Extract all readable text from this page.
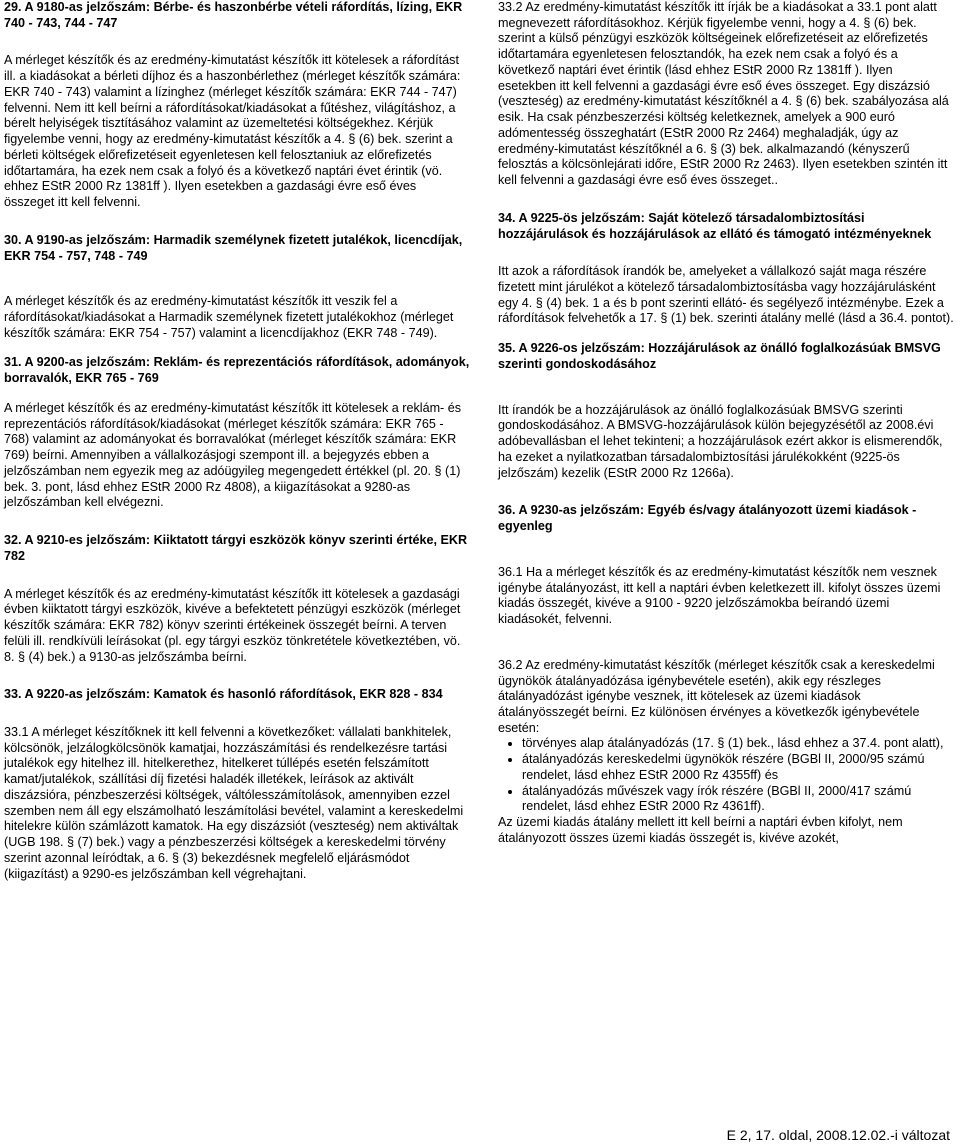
29. A 9180-as jelzőszám: Bérbe- és haszonbérbe vételi ráfordítás, lízing, EKR 740 - 743, 744 - 747

A mérleget készítők és az eredmény-kimutatást készítők itt kötelesek a ráfordítást ill. a kiadásokat a bérleti díjhoz és a haszonbérlethez (mérleget készítők számára: EKR 740 - 743) valamint a lízinghez (mérleget készítők számára: EKR 744 - 747) felvenni. Nem itt kell beírni a ráfordításokat/kiadásokat a fűtéshez, világításhoz, a bérelt helyiségek tisztításához valamint az üzemeltetési költségekhez. Kérjük figyelembe venni, hogy az eredmény-kimutatást készítők a 4. § (6) bek. szerint a bérleti költségek előrefizetéseit egyenletesen kell felosztaniuk az előrefizetés időtartamára, ha ezek nem csak a folyó és a következő naptári évet érintik (vö. ehhez EStR 2000 Rz 1381ff ). Ilyen esetekben a gazdasági évre eső éves összeget itt kell felvenni.

30. A 9190-as jelzőszám: Harmadik személynek fizetett jutalékok, licencdíjak, EKR 754 - 757, 748 - 749

A mérleget készítők és az eredmény-kimutatást készítők itt veszik fel a ráfordításokat/kiadásokat a Harmadik személynek fizetett jutalékokhoz (mérleget készítők számára: EKR 754 - 757) valamint a licencdíjakhoz (EKR 748 - 749).

31. A 9200-as jelzőszám: Reklám- és reprezentációs ráfordítások, adományok, borravalók, EKR 765 - 769

A mérleget készítők és az eredmény-kimutatást készítők itt kötelesek a reklám- és reprezentációs ráfordítások/kiadásokat (mérleget készítők számára: EKR 765 - 768) valamint az adományokat és borravalókat (mérleget készítők számára: EKR 769) beírni. Amennyiben a vállalkozásjogi szempont ill. a bejegyzés ebben a jelzőszámban nem egyezik meg az adóügyileg megengedett értékkel (pl. 20. § (1) bek. 3. pont, lásd ehhez EStR 2000 Rz 4808), a kiigazításokat a 9280-as jelzőszámban kell elvégezni.

32. A 9210-es jelzőszám: Kiiktatott tárgyi eszközök könyv szerinti értéke, EKR 782

A mérleget készítők és az eredmény-kimutatást készítők itt kötelesek a gazdasági évben kiiktatott tárgyi eszközök, kivéve a befektetett pénzügyi eszközök (mérleget készítők számára: EKR 782) könyv szerinti értékeinek összegét beírni. A terven felüli ill. rendkívüli leírásokat (pl. egy tárgyi eszköz tönkretétele következtében, vö. 8. § (4) bek.) a 9130-as jelzőszámba beírni.

33. A 9220-as jelzőszám: Kamatok és hasonló ráfordítások, EKR 828 - 834

33.1 A mérleget készítőknek itt kell felvenni a következőket: vállalati bankhitelek, kölcsönök, jelzálogkölcsönök kamatjai, hozzászámítási és rendelkezésre tartási jutalékok egy hitelhez ill. hitelkerethez, hitelkeret túllépés esetén felszámított kamat/jutalékok, szállítási díj fizetési haladék illetékek, leírások az aktivált diszázsióra, pénzbeszerzési költségek, váltólesszámítolások, amennyiben ezzel szemben nem áll egy elszámolható leszámítolási bevétel, valamint a kereskedelmi hitelekre külön számlázott kamatok. Ha egy diszázsiót (veszteség) nem aktiváltak (UGB 198. § (7) bek.) vagy a pénzbeszerzési költségek a kereskedelmi törvény szerint azonnal leíródtak, a 6. § (3) bekezdésnek megfelelő eljárásmódot (kiigazítást) a 9290-es jelzőszámban kell végrehajtani.

33.2 Az eredmény-kimutatást készítők itt írják be a kiadásokat a 33.1 pont alatt megnevezett ráfordításokhoz. Kérjük figyelembe venni, hogy a 4. § (6) bek. szerint a külső pénzügyi eszközök költségeinek előrefizetéseit az előrefizetés időtartamára egyenletesen felosztandók, ha ezek nem csak a folyó és a következő naptári évet érintik (lásd ehhez EStR 2000 Rz 1381ff ). Ilyen esetekben itt kell felvenni a gazdasági évre eső éves összeget. Egy diszázsió (veszteség) az eredmény-kimutatást készítőknél a 4. § (6) bek. szabályozása alá esik. Ha csak pénzbeszerzési költség keletkeznek, amelyek a 900 euró adómentesség összeghatárt (EStR 2000 Rz 2464) meghaladják, úgy az eredmény-kimutatást készítőknél a 6. § (3) bek. alkalmazandó (kényszerű felosztás a kölcsönlejárati időre, EStR 2000 Rz 2463). Ilyen esetekben szintén itt kell felvenni a gazdasági évre eső éves összeget..

34. A 9225-ös jelzőszám: Saját kötelező társadalombiztosítási hozzájárulások és hozzájárulások az ellátó és támogató intézményeknek

Itt azok a ráfordítások írandók be, amelyeket a vállalkozó saját maga részére fizetett mint járulékot a kötelező társadalombiztosításba vagy hozzájárulásként egy 4. § (4) bek. 1 a és b pont szerinti ellátó- és segélyező intézménybe. Ezek a ráfordítások felvehetők a 17. § (1) bek. szerinti átalány mellé (lásd a 36.4. pontot).

35. A 9226-os jelzőszám: Hozzájárulások az önálló foglalkozásúak BMSVG szerinti gondoskodásához

Itt írandók be a hozzájárulások az önálló foglalkozásúak BMSVG szerinti gondoskodásához. A BMSVG-hozzájárulások külön bejegyzésétől az 2008.évi adóbevallásban el lehet tekinteni; a hozzájárulások ezért akkor is elismerendők, ha ezeket a nyilatkozatban társadalombiztosítási járulékokként (9225-ös jelzőszám) kezelik (EStR 2000 Rz 1266a).

36. A 9230-as jelzőszám: Egyéb és/vagy átalányozott üzemi kiadások - egyenleg

36.1 Ha a mérleget készítők és az eredmény-kimutatást készítők nem vesznek igénybe átalányozást, itt kell a naptári évben keletkezett ill. kifolyt összes üzemi kiadás összegét, kivéve a 9100 - 9220 jelzőszámokba beírandó üzemi kiadásokét, felvenni.

36.2 Az eredmény-kimutatást készítők (mérleget készítők csak a kereskedelmi ügynökök átalányadózása igénybevétele esetén), akik egy részleges átalányadózást igénybe vesznek, itt kötelesek az üzemi kiadások átalányösszegét beírni. Ez különösen érvényes a következők igénybevétele esetén:

• törvényes alap átalányadózás (17. § (1) bek., lásd ehhez a 37.4. pont alatt),
• átalányadózás kereskedelmi ügynökök részére (BGBl II, 2000/95 számú rendelet, lásd ehhez EStR 2000 Rz 4355ff) és
• átalányadózás művészek vagy írók részére (BGBl II, 2000/417 számú rendelet, lásd ehhez EStR 2000 Rz 4361ff).

Az üzemi kiadás átalány mellett itt kell beírni a naptári évben kifolyt, nem átalányozott összes üzemi kiadás összegét is, kivéve azokét,

E 2, 17. oldal, 2008.12.02.-i változat
